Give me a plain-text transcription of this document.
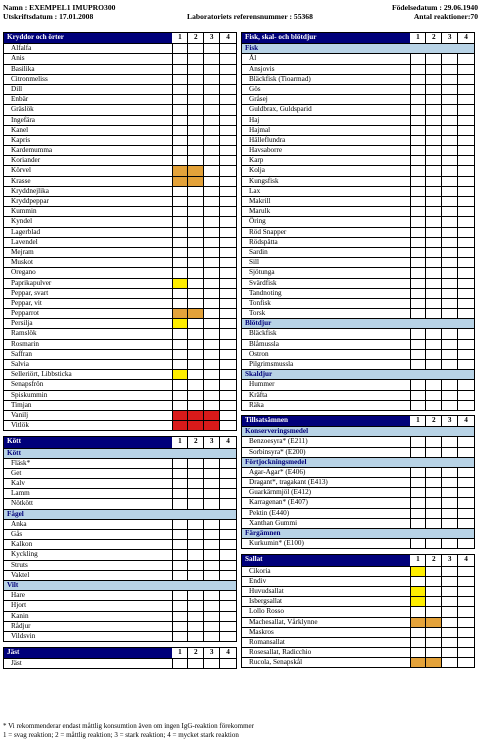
Namn : EXEMPEL1 IMUPRO300
Utskriftsdatum : 17.01.2008	Laboratoriets referensnummer : 55368
Födelsedatum : 29.06.1940
Antal reaktioner:70
Kryddor och örter	1	2	3	4
Alfalfa
Anis
Basilika
Citronmeliss
Dill
Enbär
Gräslök
Ingefära
Kanel
Kapris
Kardemumma
Koriander
Körvel
Krasse
Kryddnejlika
Kryddpeppar
Kummin
Kyndel
Lagerblad
Lavendel
Mejram
Muskot
Oregano
Paprikapulver
Peppar, svart
Peppar, vit
Pepparrot
Persilja
Ramslök
Rosmarin
Saffran
Salvia
Selleriört, Libbsticka
Senapsfrön
Spiskummin
Timjan
Vanilj
Vitlök
Kött	1	2	3	4
Kött
Fläsk*
Get
Kalv
Lamm
Nötkött
Fågel
Anka
Gås
Kalkon
Kyckling
Struts
Vaktel
Vilt
Hare
Hjort
Kanin
Rådjur
Vildsvin
Jäst	1	2	3	4
Jäst
Fisk, skal- och blötdjur	1	2	3	4
Fisk
Ål
Ansjovis
Bläckfisk (Tioarmad)
Gös
Gråsej
Guldbrax, Guldsparid
Haj
Hajmal
Hälleflundra
Havsaborre
Karp
Kolja
Kungsfisk
Lax
Makrill
Marulk
Öring
Röd Snapper
Rödspätta
Sardin
Sill
Sjötunga
Svärdfisk
Tandnoting
Tonfisk
Torsk
Blötdjur
Bläckfisk
Blåmussla
Ostron
Pilgrimsmussla
Skaldjur
Hummer
Kräfta
Räka
Tillsatsämnen	1	2	3	4
Konserveringsmedel
Benzoesyra* (E211)
Sorbinsyra* (E200)
Förtjockningsmedel
Agar-Agar* (E406)
Dragant*, tragakant (E413)
Guarkärnmjöl (E412)
Karragenan* (E407)
Pektin (E440)
Xanthan Gummi
Färgämnen
Kurkumin* (E100)
Sallat	1	2	3	4
Cikoria
Endiv
Huvudsallat
Isbergsallat
Lollo Rosso
Machesallat, Vårklynne
Maskros
Romansallat
Rosesallat, Radicchio
Rucola, Senapskål
* Vi rekommenderar endast måttlig konsumtion även om ingen IgG-reaktion förekommer
1 = svag reaktion; 2 = måttlig reaktion; 3 = stark reaktion; 4 = mycket stark reaktion
